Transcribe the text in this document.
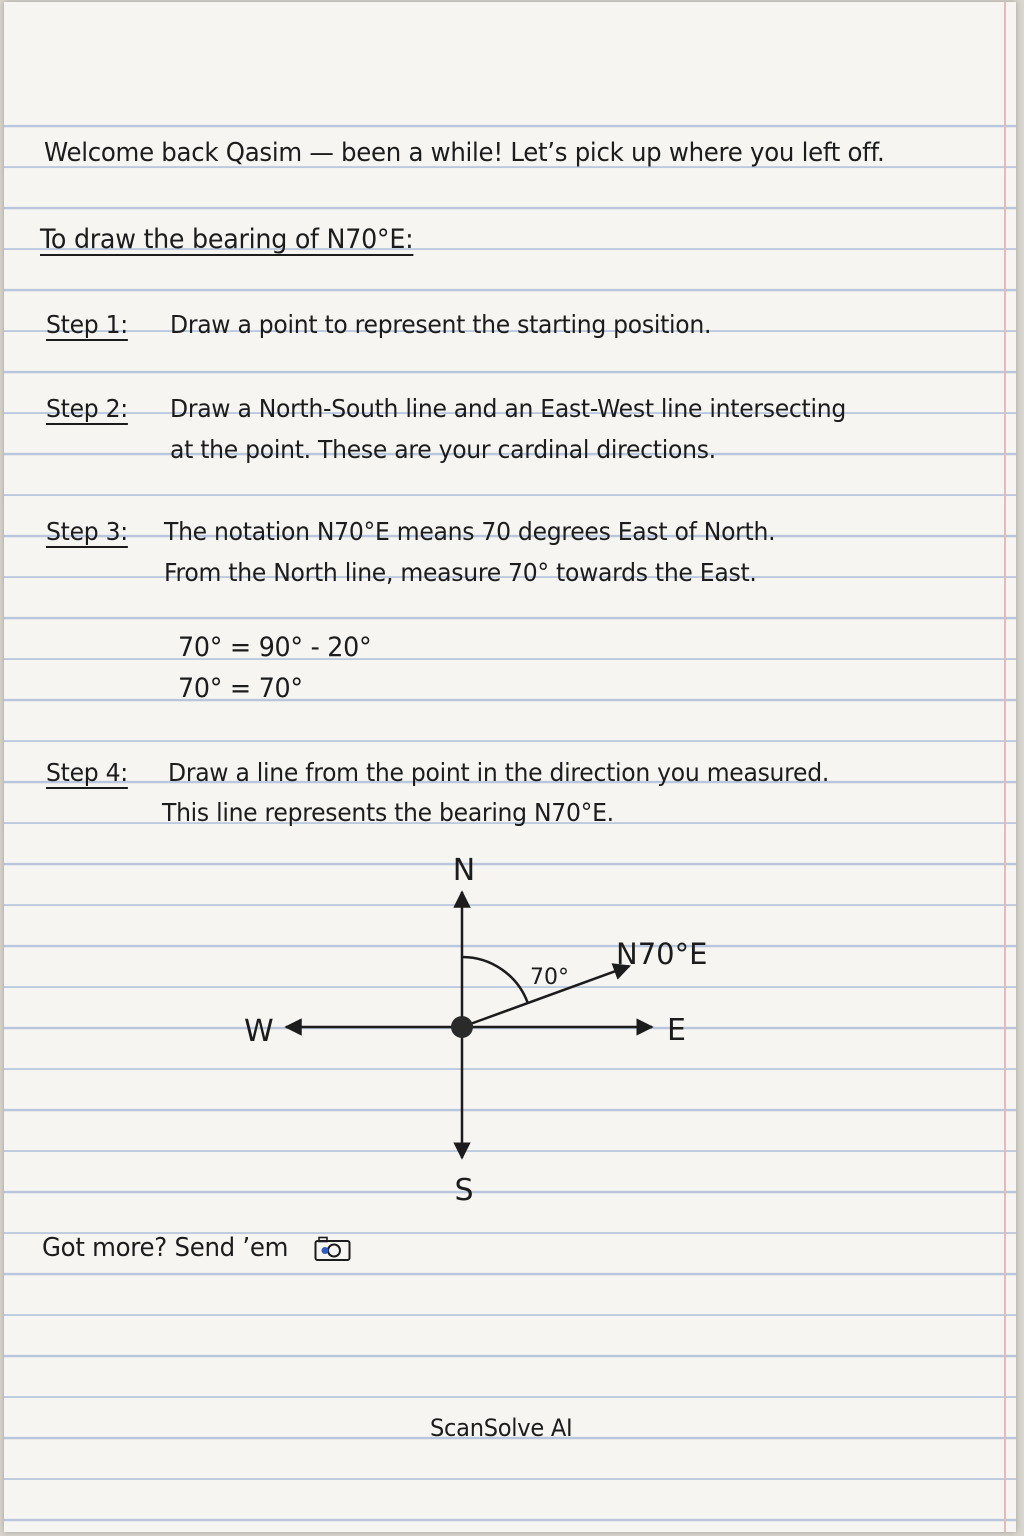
Welcome back Qasim — been a while! Let’s pick up where you left off.
To draw the bearing of N70°E:
Step 1: Draw a point to represent the starting position.
Step 2: Draw a North-South line and an East-West line intersecting
at the point. These are your cardinal directions.
Step 3: The notation N70°E means 70 degrees East of North.
From the North line, measure 70° towards the East.
70° = 90° - 20°
70° = 70°
Step 4: Draw a line from the point in the direction you measured.
This line represents the bearing N70°E.
N
S
E
W
70°
N70°E
Got more? Send ’em
ScanSolve AI
